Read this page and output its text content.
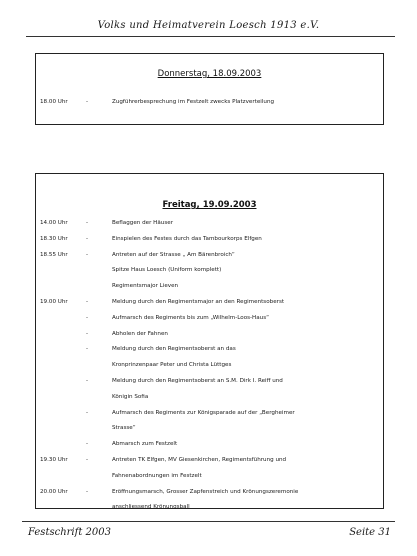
Volks und Heimatverein Loesch 1913 e.V.
Donnerstag, 18.09.2003
18.00 Uhr	-	Zugführerbesprechung im Festzelt zwecks Platzverteilung
Freitag, 19.09.2003
14.00 Uhr	-	Beflaggen der Häuser
18.30 Uhr	-	Einspielen des Festes durch das Tambourkorps Elfgen
18.55 Uhr	-	Antreten auf der Strasse „ Am Bärenbroich“
Spitze Haus Loesch (Uniform komplett)
Regimentsmajor Lieven
19.00 Uhr	-	Meldung durch den Regimentsmajor an den Regimentsoberst
-	Aufmarsch des Regiments bis zum „Wilhelm-Loos-Haus“
-	Abholen der Fahnen
-	Meldung durch den Regimentsoberst an das
Kronprinzenpaar Peter und Christa Lüttges
-	Meldung durch den Regimentsoberst an S.M. Dirk I. Reiff und
Königin Sofia
-	Aufmarsch des Regiments zur Königsparade auf der „Bergheimer
Strasse“
-	Abmarsch zum Festzelt
19.30 Uhr	-	Antreten TK Elfgen, MV Giesenkirchen, Regimentsführung und
Fahnenabordnungen im Festzelt
20.00 Uhr	-	Eröffnungsmarsch, Grosser Zapfenstreich und Krönungszeremonie
anschliessend Krönungsball
Festschrift 2003	Seite 31
